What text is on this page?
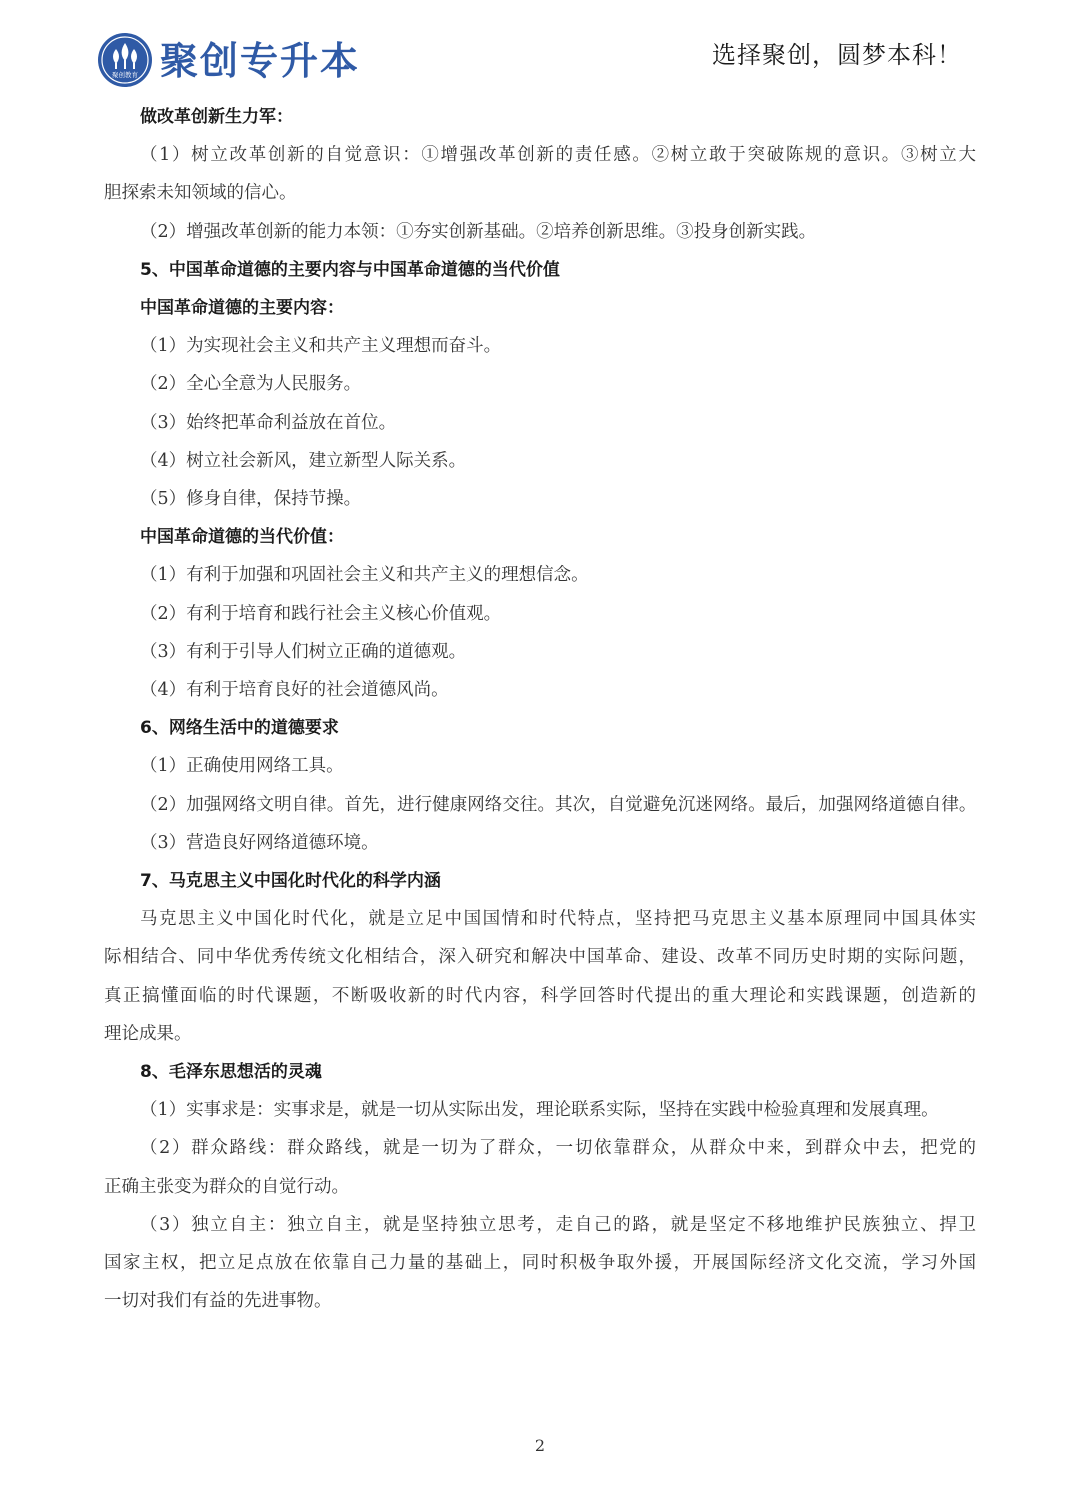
聚创教育 聚创专升本	选择聚创，圆梦本科！
做改革创新生力军：
（1）树立改革创新的自觉意识：①增强改革创新的责任感。②树立敢于突破陈规的意识。③树立大
胆探索未知领域的信心。
（2）增强改革创新的能力本领：①夯实创新基础。②培养创新思维。③投身创新实践。
5、中国革命道德的主要内容与中国革命道德的当代价值
中国革命道德的主要内容：
（1）为实现社会主义和共产主义理想而奋斗。
（2）全心全意为人民服务。
（3）始终把革命利益放在首位。
（4）树立社会新风，建立新型人际关系。
（5）修身自律，保持节操。
中国革命道德的当代价值：
（1）有利于加强和巩固社会主义和共产主义的理想信念。
（2）有利于培育和践行社会主义核心价值观。
（3）有利于引导人们树立正确的道德观。
（4）有利于培育良好的社会道德风尚。
6、网络生活中的道德要求
（1）正确使用网络工具。
（2）加强网络文明自律。首先，进行健康网络交往。其次，自觉避免沉迷网络。最后，加强网络道德自律。
（3）营造良好网络道德环境。
7、马克思主义中国化时代化的科学内涵
马克思主义中国化时代化，就是立足中国国情和时代特点，坚持把马克思主义基本原理同中国具体实
际相结合、同中华优秀传统文化相结合，深入研究和解决中国革命、建设、改革不同历史时期的实际问题，
真正搞懂面临的时代课题，不断吸收新的时代内容，科学回答时代提出的重大理论和实践课题，创造新的
理论成果。
8、毛泽东思想活的灵魂
（1）实事求是：实事求是，就是一切从实际出发，理论联系实际，坚持在实践中检验真理和发展真理。
（2）群众路线：群众路线，就是一切为了群众，一切依靠群众，从群众中来，到群众中去，把党的
正确主张变为群众的自觉行动。
（3）独立自主：独立自主，就是坚持独立思考，走自己的路，就是坚定不移地维护民族独立、捍卫
国家主权，把立足点放在依靠自己力量的基础上，同时积极争取外援，开展国际经济文化交流，学习外国
一切对我们有益的先进事物。
2
